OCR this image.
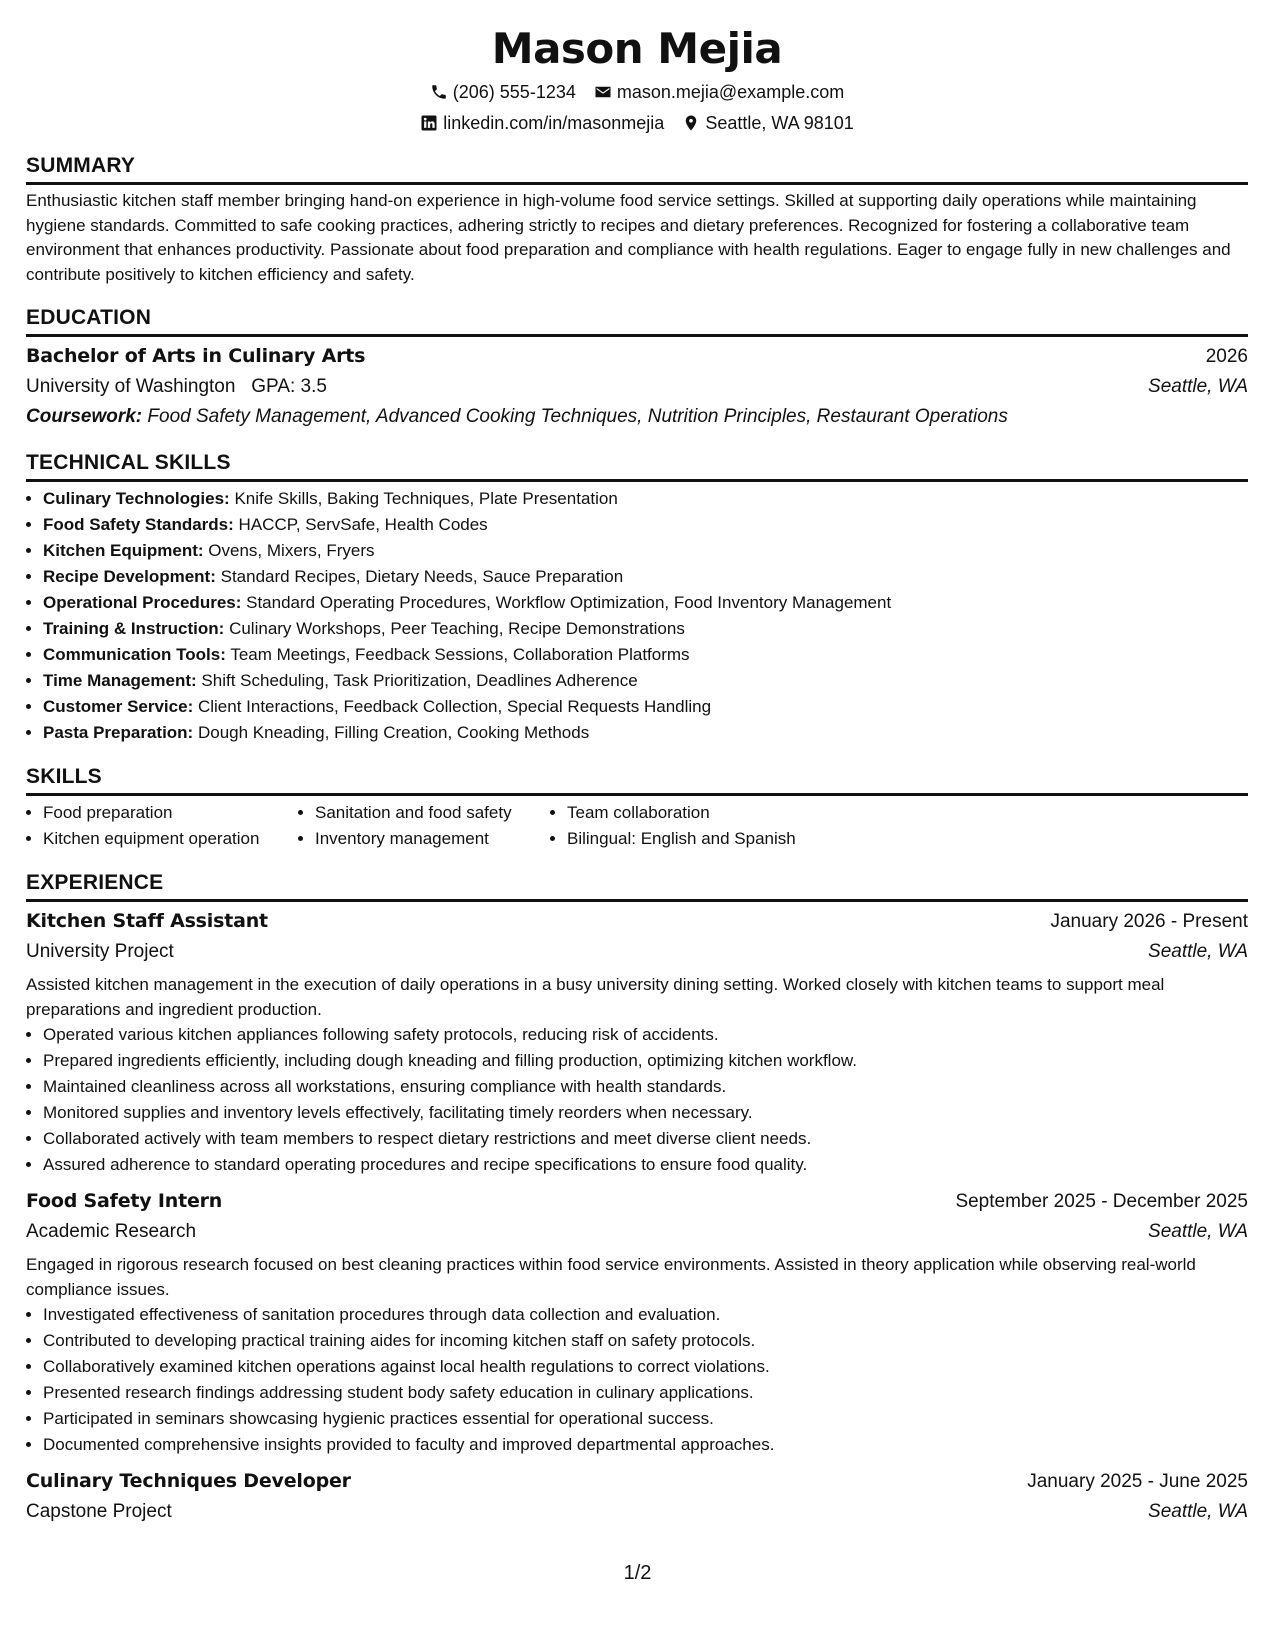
Mason Mejia
(206) 555-1234 mason.mejia@example.com
linkedin.com/in/masonmejia Seattle, WA 98101
SUMMARY

Enthusiastic kitchen staff member bringing hand-on experience in high-volume food service settings. Skilled at supporting daily operations while maintaining hygiene standards. Committed to safe cooking practices, adhering strictly to recipes and dietary preferences. Recognized for fostering a collaborative team environment that enhances productivity. Passionate about food preparation and compliance with health regulations. Eager to engage fully in new challenges and contribute positively to kitchen efficiency and safety.

EDUCATION
Bachelor of Arts in Culinary Arts	2026
University of Washington GPA: 3.5	Seattle, WA
Coursework: Food Safety Management, Advanced Cooking Techniques, Nutrition Principles, Restaurant Operations
TECHNICAL SKILLS
• Culinary Technologies: Knife Skills, Baking Techniques, Plate Presentation
• Food Safety Standards: HACCP, ServSafe, Health Codes
• Kitchen Equipment: Ovens, Mixers, Fryers
• Recipe Development: Standard Recipes, Dietary Needs, Sauce Preparation
• Operational Procedures: Standard Operating Procedures, Workflow Optimization, Food Inventory Management
• Training & Instruction: Culinary Workshops, Peer Teaching, Recipe Demonstrations
• Communication Tools: Team Meetings, Feedback Sessions, Collaboration Platforms
• Time Management: Shift Scheduling, Task Prioritization, Deadlines Adherence
• Customer Service: Client Interactions, Feedback Collection, Special Requests Handling
• Pasta Preparation: Dough Kneading, Filling Creation, Cooking Methods
SKILLS
• Food preparation
• Kitchen equipment operation
• Sanitation and food safety
• Inventory management
• Team collaboration
• Bilingual: English and Spanish
EXPERIENCE
Kitchen Staff Assistant	January 2026 - Present
University Project	Seattle, WA

Assisted kitchen management in the execution of daily operations in a busy university dining setting. Worked closely with kitchen teams to support meal preparations and ingredient production.

• Operated various kitchen appliances following safety protocols, reducing risk of accidents.
• Prepared ingredients efficiently, including dough kneading and filling production, optimizing kitchen workflow.
• Maintained cleanliness across all workstations, ensuring compliance with health standards.
• Monitored supplies and inventory levels effectively, facilitating timely reorders when necessary.
• Collaborated actively with team members to respect dietary restrictions and meet diverse client needs.
• Assured adherence to standard operating procedures and recipe specifications to ensure food quality.
Food Safety Intern	September 2025 - December 2025
Academic Research	Seattle, WA

Engaged in rigorous research focused on best cleaning practices within food service environments. Assisted in theory application while observing real-world compliance issues.

• Investigated effectiveness of sanitation procedures through data collection and evaluation.
• Contributed to developing practical training aides for incoming kitchen staff on safety protocols.
• Collaboratively examined kitchen operations against local health regulations to correct violations.
• Presented research findings addressing student body safety education in culinary applications.
• Participated in seminars showcasing hygienic practices essential for operational success.
• Documented comprehensive insights provided to faculty and improved departmental approaches.
Culinary Techniques Developer	January 2025 - June 2025
Capstone Project	Seattle, WA
1/2
